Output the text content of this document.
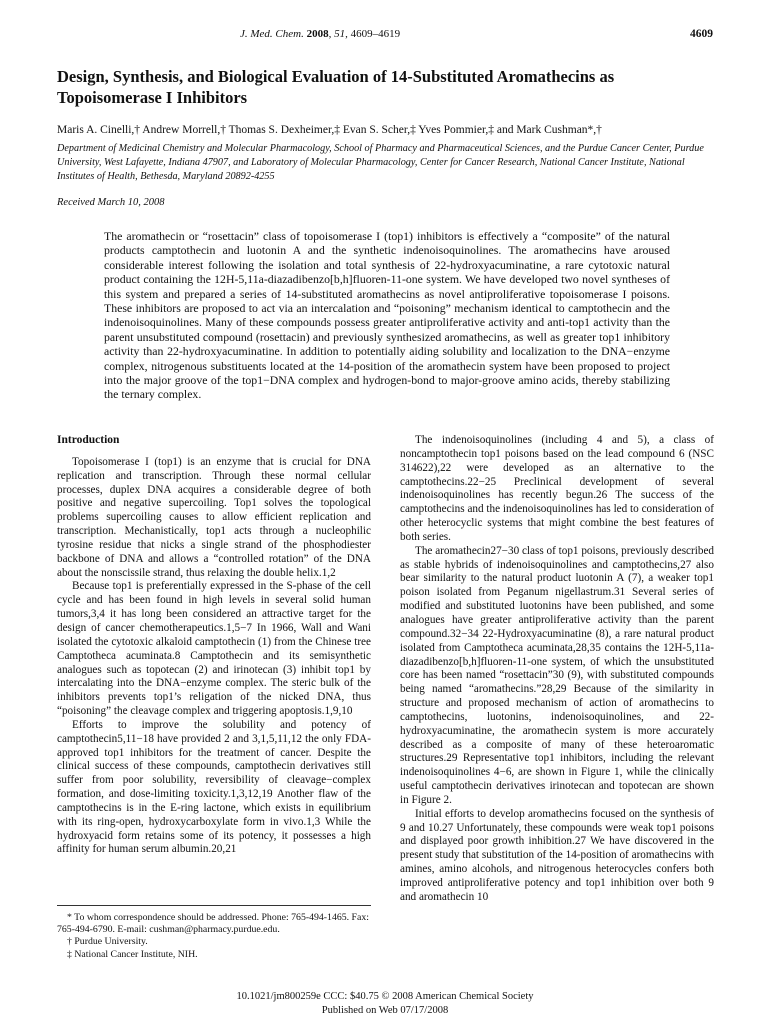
J. Med. Chem. 2008, 51, 4609–4619	4609
Design, Synthesis, and Biological Evaluation of 14-Substituted Aromathecins as Topoisomerase I Inhibitors
Maris A. Cinelli,† Andrew Morrell,† Thomas S. Dexheimer,‡ Evan S. Scher,‡ Yves Pommier,‡ and Mark Cushman*,†
Department of Medicinal Chemistry and Molecular Pharmacology, School of Pharmacy and Pharmaceutical Sciences, and the Purdue Cancer Center, Purdue University, West Lafayette, Indiana 47907, and Laboratory of Molecular Pharmacology, Center for Cancer Research, National Cancer Institute, National Institutes of Health, Bethesda, Maryland 20892-4255
Received March 10, 2008
The aromathecin or “rosettacin” class of topoisomerase I (top1) inhibitors is effectively a “composite” of the natural products camptothecin and luotonin A and the synthetic indenoisoquinolines. The aromathecins have aroused considerable interest following the isolation and total synthesis of 22-hydroxyacuminatine, a rare cytotoxic natural product containing the 12H-5,11a-diazadibenzo[b,h]fluoren-11-one system. We have developed two novel syntheses of this system and prepared a series of 14-substituted aromathecins as novel antiproliferative topoisomerase I poisons. These inhibitors are proposed to act via an intercalation and “poisoning” mechanism identical to camptothecin and the indenoisoquinolines. Many of these compounds possess greater antiproliferative activity and anti-top1 activity than the parent unsubstituted compound (rosettacin) and previously synthesized aromathecins, as well as greater top1 inhibitory activity than 22-hydroxyacuminatine. In addition to potentially aiding solubility and localization to the DNA−enzyme complex, nitrogenous substituents located at the 14-position of the aromathecin system have been proposed to project into the major groove of the top1−DNA complex and hydrogen-bond to major-groove amino acids, thereby stabilizing the ternary complex.
Introduction

Topoisomerase I (top1) is an enzyme that is crucial for DNA replication and transcription. Through these normal cellular processes, duplex DNA acquires a considerable degree of both positive and negative supercoiling. Top1 solves the topological problems supercoiling causes to allow efficient replication and transcription. Mechanistically, top1 acts through a nucleophilic tyrosine residue that nicks a single strand of the phosphodiester backbone of DNA and allows a “controlled rotation” of the DNA about the nonscissile strand, thus relaxing the double helix.1,2

Because top1 is preferentially expressed in the S-phase of the cell cycle and has been found in high levels in several solid human tumors,3,4 it has long been considered an attractive target for the design of cancer chemotherapeutics.1,5−7 In 1966, Wall and Wani isolated the cytotoxic alkaloid camptothecin (1) from the Chinese tree Camptotheca acuminata.8 Camptothecin and its semisynthetic analogues such as topotecan (2) and irinotecan (3) inhibit top1 by intercalating into the DNA−enzyme complex. The steric bulk of the inhibitors prevents top1’s religation of the nicked DNA, thus “poisoning” the cleavage complex and triggering apoptosis.1,9,10

Efforts to improve the solubility and potency of camptothecin5,11−18 have provided 2 and 3,1,5,11,12 the only FDA-approved top1 inhibitors for the treatment of cancer. Despite the clinical success of these compounds, camptothecin derivatives still suffer from poor solubility, reversibility of cleavage−complex formation, and dose-limiting toxicity.1,3,12,19 Another flaw of the camptothecins is in the E-ring lactone, which exists in equilibrium with its ring-open, hydroxycarboxylate form in vivo.1,3 While the hydroxyacid form retains some of its potency, it possesses a high affinity for human serum albumin.20,21

* To whom correspondence should be addressed. Phone: 765-494-1465. Fax: 765-494-6790. E-mail: cushman@pharmacy.purdue.edu.
† Purdue University.
‡ National Cancer Institute, NIH.

The indenoisoquinolines (including 4 and 5), a class of noncamptothecin top1 poisons based on the lead compound 6 (NSC 314622),22 were developed as an alternative to the camptothecins.22−25 Preclinical development of several indenoisoquinolines has recently begun.26 The success of the camptothecins and the indenoisoquinolines has led to consideration of other heterocyclic systems that might combine the best features of both series.

The aromathecin27−30 class of top1 poisons, previously described as stable hybrids of indenoisoquinolines and camptothecins,27 also bear similarity to the natural product luotonin A (7), a weaker top1 poison isolated from Peganum nigellastrum.31 Several series of modified and substituted luotonins have been published, and some analogues have greater antiproliferative activity than the parent compound.32−34 22-Hydroxyacuminatine (8), a rare natural product isolated from Camptotheca acuminata,28,35 contains the 12H-5,11a-diazadibenzo[b,h]fluoren-11-one system, of which the unsubstituted core has been named “rosettacin”30 (9), with substituted compounds being named “aromathecins.”28,29 Because of the similarity in structure and proposed mechanism of action of aromathecins to camptothecins, luotonins, indenoisoquinolines, and 22-hydroxyacuminatine, the aromathecin system is more accurately described as a composite of many of these heteroaromatic structures.29 Representative top1 inhibitors, including the relevant indenoisoquinolines 4−6, are shown in Figure 1, while the clinically useful camptothecin derivatives irinotecan and topotecan are shown in Figure 2.

Initial efforts to develop aromathecins focused on the synthesis of 9 and 10.27 Unfortunately, these compounds were weak top1 poisons and displayed poor growth inhibition.27 We have discovered in the present study that substitution of the 14-position of aromathecins with amines, amino alcohols, and nitrogenous heterocycles confers both improved antiproliferative potency and top1 inhibition over both 9 and aromathecin 10

10.1021/jm800259e CCC: $40.75 © 2008 American Chemical Society
Published on Web 07/17/2008
